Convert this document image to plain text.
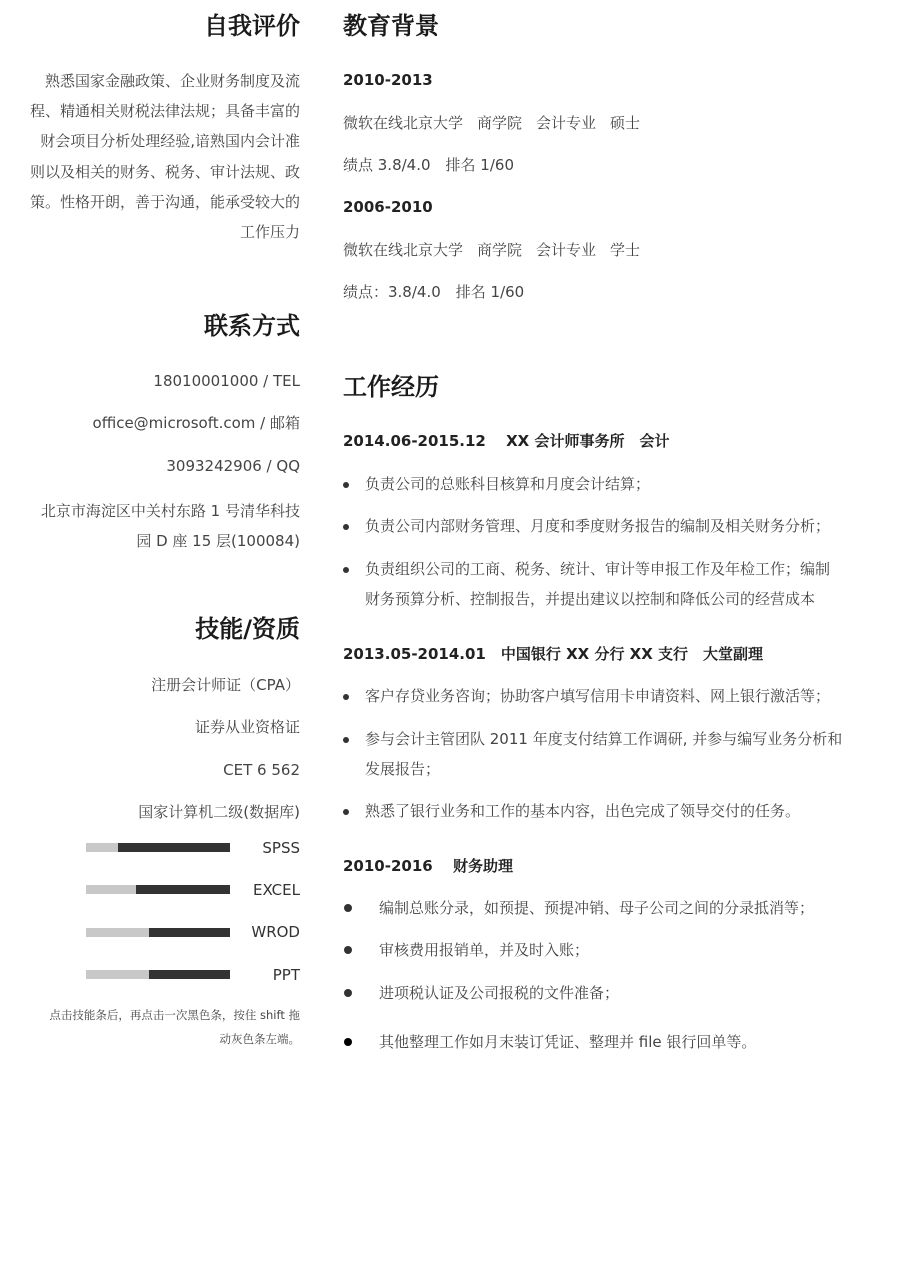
自我评价
熟悉国家金融政策、企业财务制度及流程、精通相关财税法律法规；具备丰富的财会项目分析处理经验,谙熟国内会计准则以及相关的财务、税务、审计法规、政策。性格开朗，善于沟通，能承受较大的工作压力
联系方式
18010001000 / TEL
office@microsoft.com / 邮箱
3093242906 / QQ
北京市海淀区中关村东路 1 号清华科技园 D 座 15 层(100084)
技能/资质
注册会计师证（CPA）
证券从业资格证
CET 6 562
国家计算机二级(数据库)
SPSS
EXCEL
WROD
PPT
点击技能条后，再点击一次黑色条，按住 shift 拖动灰色条左端。
教育背景
2010-2013
微软在线北京大学 商学院 会计专业 硕士
绩点 3.8/4.0　排名 1/60
2006-2010
微软在线北京大学 商学院 会计专业 学士
绩点：3.8/4.0　排名 1/60
工作经历
2014.06-2015.12　 XX 会计师事务所　会计
负责公司的总账科目核算和月度会计结算；
负责公司内部财务管理、月度和季度财务报告的编制及相关财务分析；
负责组织公司的工商、税务、统计、审计等申报工作及年检工作；编制财务预算分析、控制报告，并提出建议以控制和降低公司的经营成本
2013.05-2014.01　中国银行 XX 分行 XX 支行　大堂副理
客户存贷业务咨询；协助客户填写信用卡申请资料、网上银行激活等；
参与会计主管团队 2011 年度支付结算工作调研, 并参与编写业务分析和发展报告；
熟悉了银行业务和工作的基本内容，出色完成了领导交付的任务。
2010-2016　 财务助理
编制总账分录，如预提、预提冲销、母子公司之间的分录抵消等；
审核费用报销单，并及时入账；
进项税认证及公司报税的文件准备；
其他整理工作如月末装订凭证、整理并 file 银行回单等。
